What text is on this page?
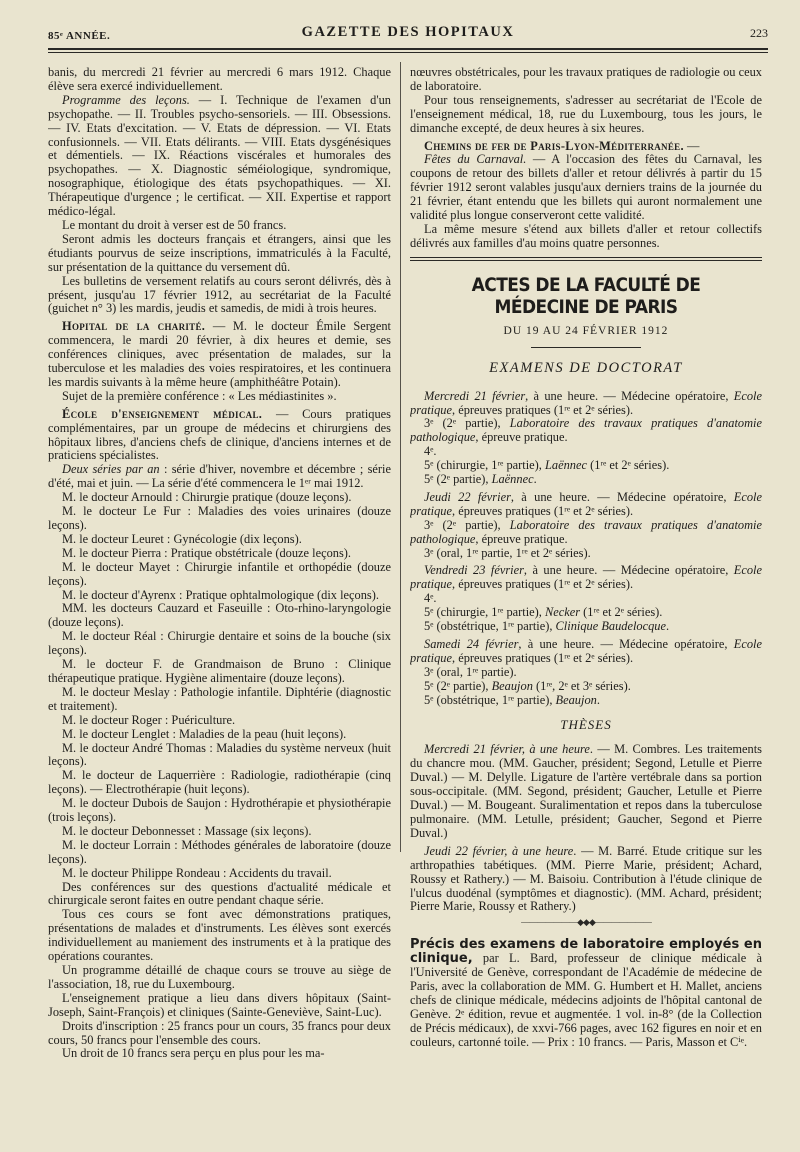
85ᵉ ANNÉE.	GAZETTE DES HOPITAUX	223

banis, du mercredi 21 février au mercredi 6 mars 1912. Chaque élève sera exercé individuellement.

Programme des leçons. — I. Technique de l'examen d'un psychopathe. — II. Troubles psycho-sensoriels. — III. Obsessions. — IV. Etats d'excitation. — V. Etats de dépression. — VI. Etats confusionnels. — VII. Etats délirants. — VIII. Etats dysgénésiques et démentiels. — IX. Réactions viscérales et humorales des psychopathes. — X. Diagnostic séméiologique, syndromique, nosographique, étiologique des états psychopathiques. — XI. Thérapeutique d'urgence ; le certificat. — XII. Expertise et rapport médico-légal.

Le montant du droit à verser est de 50 francs.

Seront admis les docteurs français et étrangers, ainsi que les étudiants pourvus de seize inscriptions, immatriculés à la Faculté, sur présentation de la quittance du versement dû.

Les bulletins de versement relatifs au cours seront délivrés, dès à présent, jusqu'au 17 février 1912, au secrétariat de la Faculté (guichet n° 3) les mardis, jeudis et samedis, de midi à trois heures.

Hopital de la charité. — M. le docteur Émile Sergent commencera, le mardi 20 février, à dix heures et demie, ses conférences cliniques, avec présentation de malades, sur la tuberculose et les maladies des voies respiratoires, et les continuera les mardis suivants à la même heure (amphithéâtre Potain).

Sujet de la première conférence : « Les médiastinites ».

École d'enseignement médical. — Cours pratiques complémentaires, par un groupe de médecins et chirurgiens des hôpitaux libres, d'anciens chefs de clinique, d'anciens internes et de praticiens spécialistes.

Deux séries par an : série d'hiver, novembre et décembre ; série d'été, mai et juin. — La série d'été commencera le 1ᵉʳ mai 1912.

M. le docteur Arnould : Chirurgie pratique (douze leçons).

M. le docteur Le Fur : Maladies des voies urinaires (douze leçons).

M. le docteur Leuret : Gynécologie (dix leçons).

M. le docteur Pierra : Pratique obstétricale (douze leçons).

M. le docteur Mayet : Chirurgie infantile et orthopédie (douze leçons).

M. le docteur d'Ayrenx : Pratique ophtalmologique (dix leçons).

MM. les docteurs Cauzard et Faseuille : Oto-rhino-laryngologie (douze leçons).

M. le docteur Réal : Chirurgie dentaire et soins de la bouche (six leçons).

M. le docteur F. de Grandmaison de Bruno : Clinique thérapeutique pratique. Hygiène alimentaire (douze leçons).

M. le docteur Meslay : Pathologie infantile. Diphtérie (diagnostic et traitement).

M. le docteur Roger : Puériculture.

M. le docteur Lenglet : Maladies de la peau (huit leçons).

M. le docteur André Thomas : Maladies du système nerveux (huit leçons).

M. le docteur de Laquerrière : Radiologie, radiothérapie (cinq leçons). — Electrothérapie (huit leçons).

M. le docteur Dubois de Saujon : Hydrothérapie et physiothérapie (trois leçons).

M. le docteur Debonnesset : Massage (six leçons).

M. le docteur Lorrain : Méthodes générales de laboratoire (douze leçons).

M. le docteur Philippe Rondeau : Accidents du travail.

Des conférences sur des questions d'actualité médicale et chirurgicale seront faites en outre pendant chaque série.

Tous ces cours se font avec démonstrations pratiques, présentations de malades et d'instruments. Les élèves sont exercés individuellement au maniement des instruments et à la pratique des opérations courantes.

Un programme détaillé de chaque cours se trouve au siège de l'association, 18, rue du Luxembourg.

L'enseignement pratique a lieu dans divers hôpitaux (Saint-Joseph, Saint-François) et cliniques (Sainte-Geneviève, Saint-Luc).

Droits d'inscription : 25 francs pour un cours, 35 francs pour deux cours, 50 francs pour l'ensemble des cours.

Un droit de 10 francs sera perçu en plus pour les ma-

nœuvres obstétricales, pour les travaux pratiques de radiologie ou ceux de laboratoire.

Pour tous renseignements, s'adresser au secrétariat de l'Ecole de l'enseignement médical, 18, rue du Luxembourg, tous les jours, le dimanche excepté, de deux heures à six heures.

Chemins de fer de Paris-Lyon-Méditerranée. —

Fêtes du Carnaval. — A l'occasion des fêtes du Carnaval, les coupons de retour des billets d'aller et retour délivrés à partir du 15 février 1912 seront valables jusqu'aux derniers trains de la journée du 21 février, étant entendu que les billets qui auront normalement une validité plus longue conserveront cette validité.

La même mesure s'étend aux billets d'aller et retour collectifs délivrés aux familles d'au moins quatre personnes.

ACTES DE LA FACULTÉ DE MÉDECINE DE PARIS
DU 19 AU 24 FÉVRIER 1912
EXAMENS DE DOCTORAT

Mercredi 21 février, à une heure. — Médecine opératoire, Ecole pratique, épreuves pratiques (1ʳᵉ et 2ᵉ séries).

3ᵉ (2ᵉ partie), Laboratoire des travaux pratiques d'anatomie pathologique, épreuve pratique.

4ᵉ.

5ᵉ (chirurgie, 1ʳᵉ partie), Laënnec (1ʳᵉ et 2ᵉ séries).

5ᵉ (2ᵉ partie), Laënnec.

Jeudi 22 février, à une heure. — Médecine opératoire, Ecole pratique, épreuves pratiques (1ʳᵉ et 2ᵉ séries).

3ᵉ (2ᵉ partie), Laboratoire des travaux pratiques d'anatomie pathologique, épreuve pratique.

3ᵉ (oral, 1ʳᵉ partie, 1ʳᵉ et 2ᵉ séries).

Vendredi 23 février, à une heure. — Médecine opératoire, Ecole pratique, épreuves pratiques (1ʳᵉ et 2ᵉ séries).

4ᵉ.

5ᵉ (chirurgie, 1ʳᵉ partie), Necker (1ʳᵉ et 2ᵉ séries).

5ᵉ (obstétrique, 1ʳᵉ partie), Clinique Baudelocque.

Samedi 24 février, à une heure. — Médecine opératoire, Ecole pratique, épreuves pratiques (1ʳᵉ et 2ᵉ séries).

3ᵉ (oral, 1ʳᵉ partie).

5ᵉ (2ᵉ partie), Beaujon (1ʳᵉ, 2ᵉ et 3ᵉ séries).

5ᵉ (obstétrique, 1ʳᵉ partie), Beaujon.

THÈSES

Mercredi 21 février, à une heure. — M. Combres. Les traitements du chancre mou. (MM. Gaucher, président; Segond, Letulle et Pierre Duval.) — M. Delylle. Ligature de l'artère vertébrale dans sa portion sous-occipitale. (MM. Segond, président; Gaucher, Letulle et Pierre Duval.) — M. Bougeant. Suralimentation et repos dans la tuberculose pulmonaire. (MM. Letulle, président; Gaucher, Segond et Pierre Duval.)

Jeudi 22 février, à une heure. — M. Barré. Etude critique sur les arthropathies tabétiques. (MM. Pierre Marie, président; Achard, Roussy et Rathery.) — M. Baisoiu. Contribution à l'étude clinique de l'ulcus duodénal (symptômes et diagnostic). (MM. Achard, président; Pierre Marie, Roussy et Rathery.)

———————◆◆◆———————

Précis des examens de laboratoire employés en clinique, par L. Bard, professeur de clinique médicale à l'Université de Genève, correspondant de l'Académie de médecine de Paris, avec la collaboration de MM. G. Humbert et H. Mallet, anciens chefs de clinique médicale, médecins adjoints de l'hôpital cantonal de Genève. 2ᵉ édition, revue et augmentée. 1 vol. in-8° (de la Collection de Précis médicaux), de xxvi-766 pages, avec 162 figures en noir et en couleurs, cartonné toile. — Prix : 10 francs. — Paris, Masson et Cⁱᵉ.
